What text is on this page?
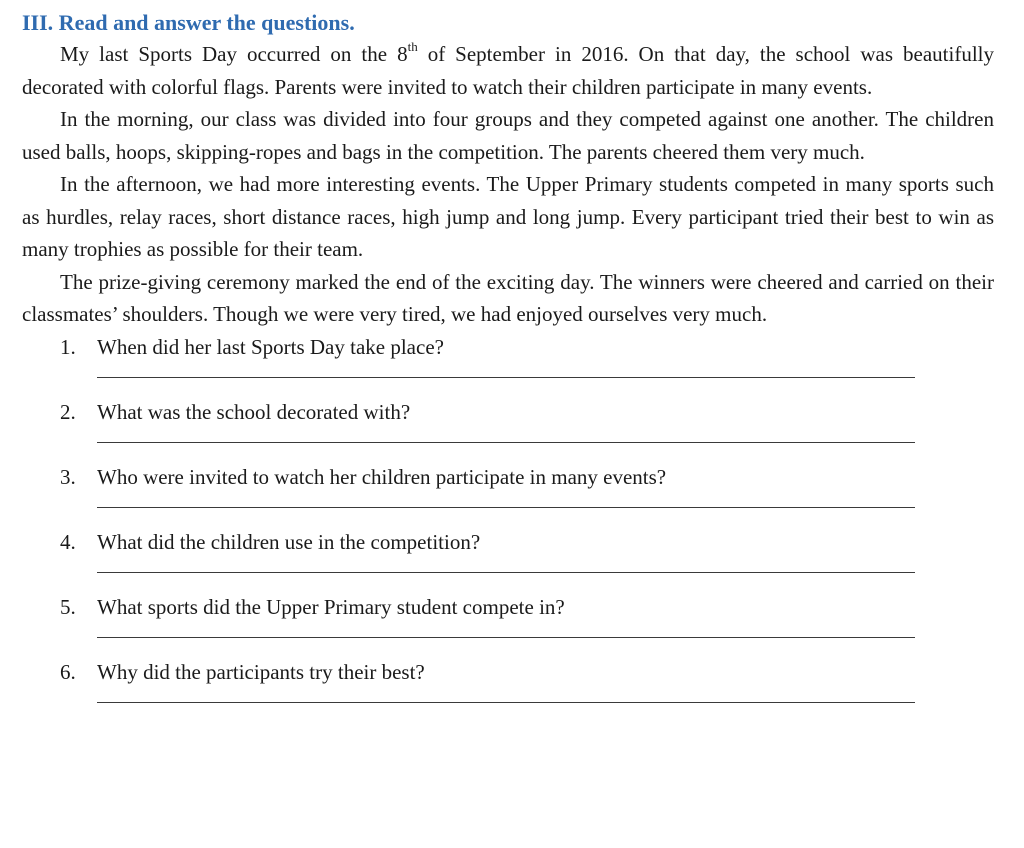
III. Read and answer the questions.

My last Sports Day occurred on the 8th of September in 2016. On that day, the school was beautifully decorated with colorful flags. Parents were invited to watch their children participate in many events.

In the morning, our class was divided into four groups and they competed against one another. The children used balls, hoops, skipping-ropes and bags in the competition. The parents cheered them very much.

In the afternoon, we had more interesting events. The Upper Primary students competed in many sports such as hurdles, relay races, short distance races, high jump and long jump. Every participant tried their best to win as many trophies as possible for their team.

The prize-giving ceremony marked the end of the exciting day. The winners were cheered and carried on their classmates’ shoulders. Though we were very tired, we had enjoyed ourselves very much.

1. When did her last Sports Day take place?
2. What was the school decorated with?
3. Who were invited to watch her children participate in many events?
4. What did the children use in the competition?
5. What sports did the Upper Primary student compete in?
6. Why did the participants try their best?
